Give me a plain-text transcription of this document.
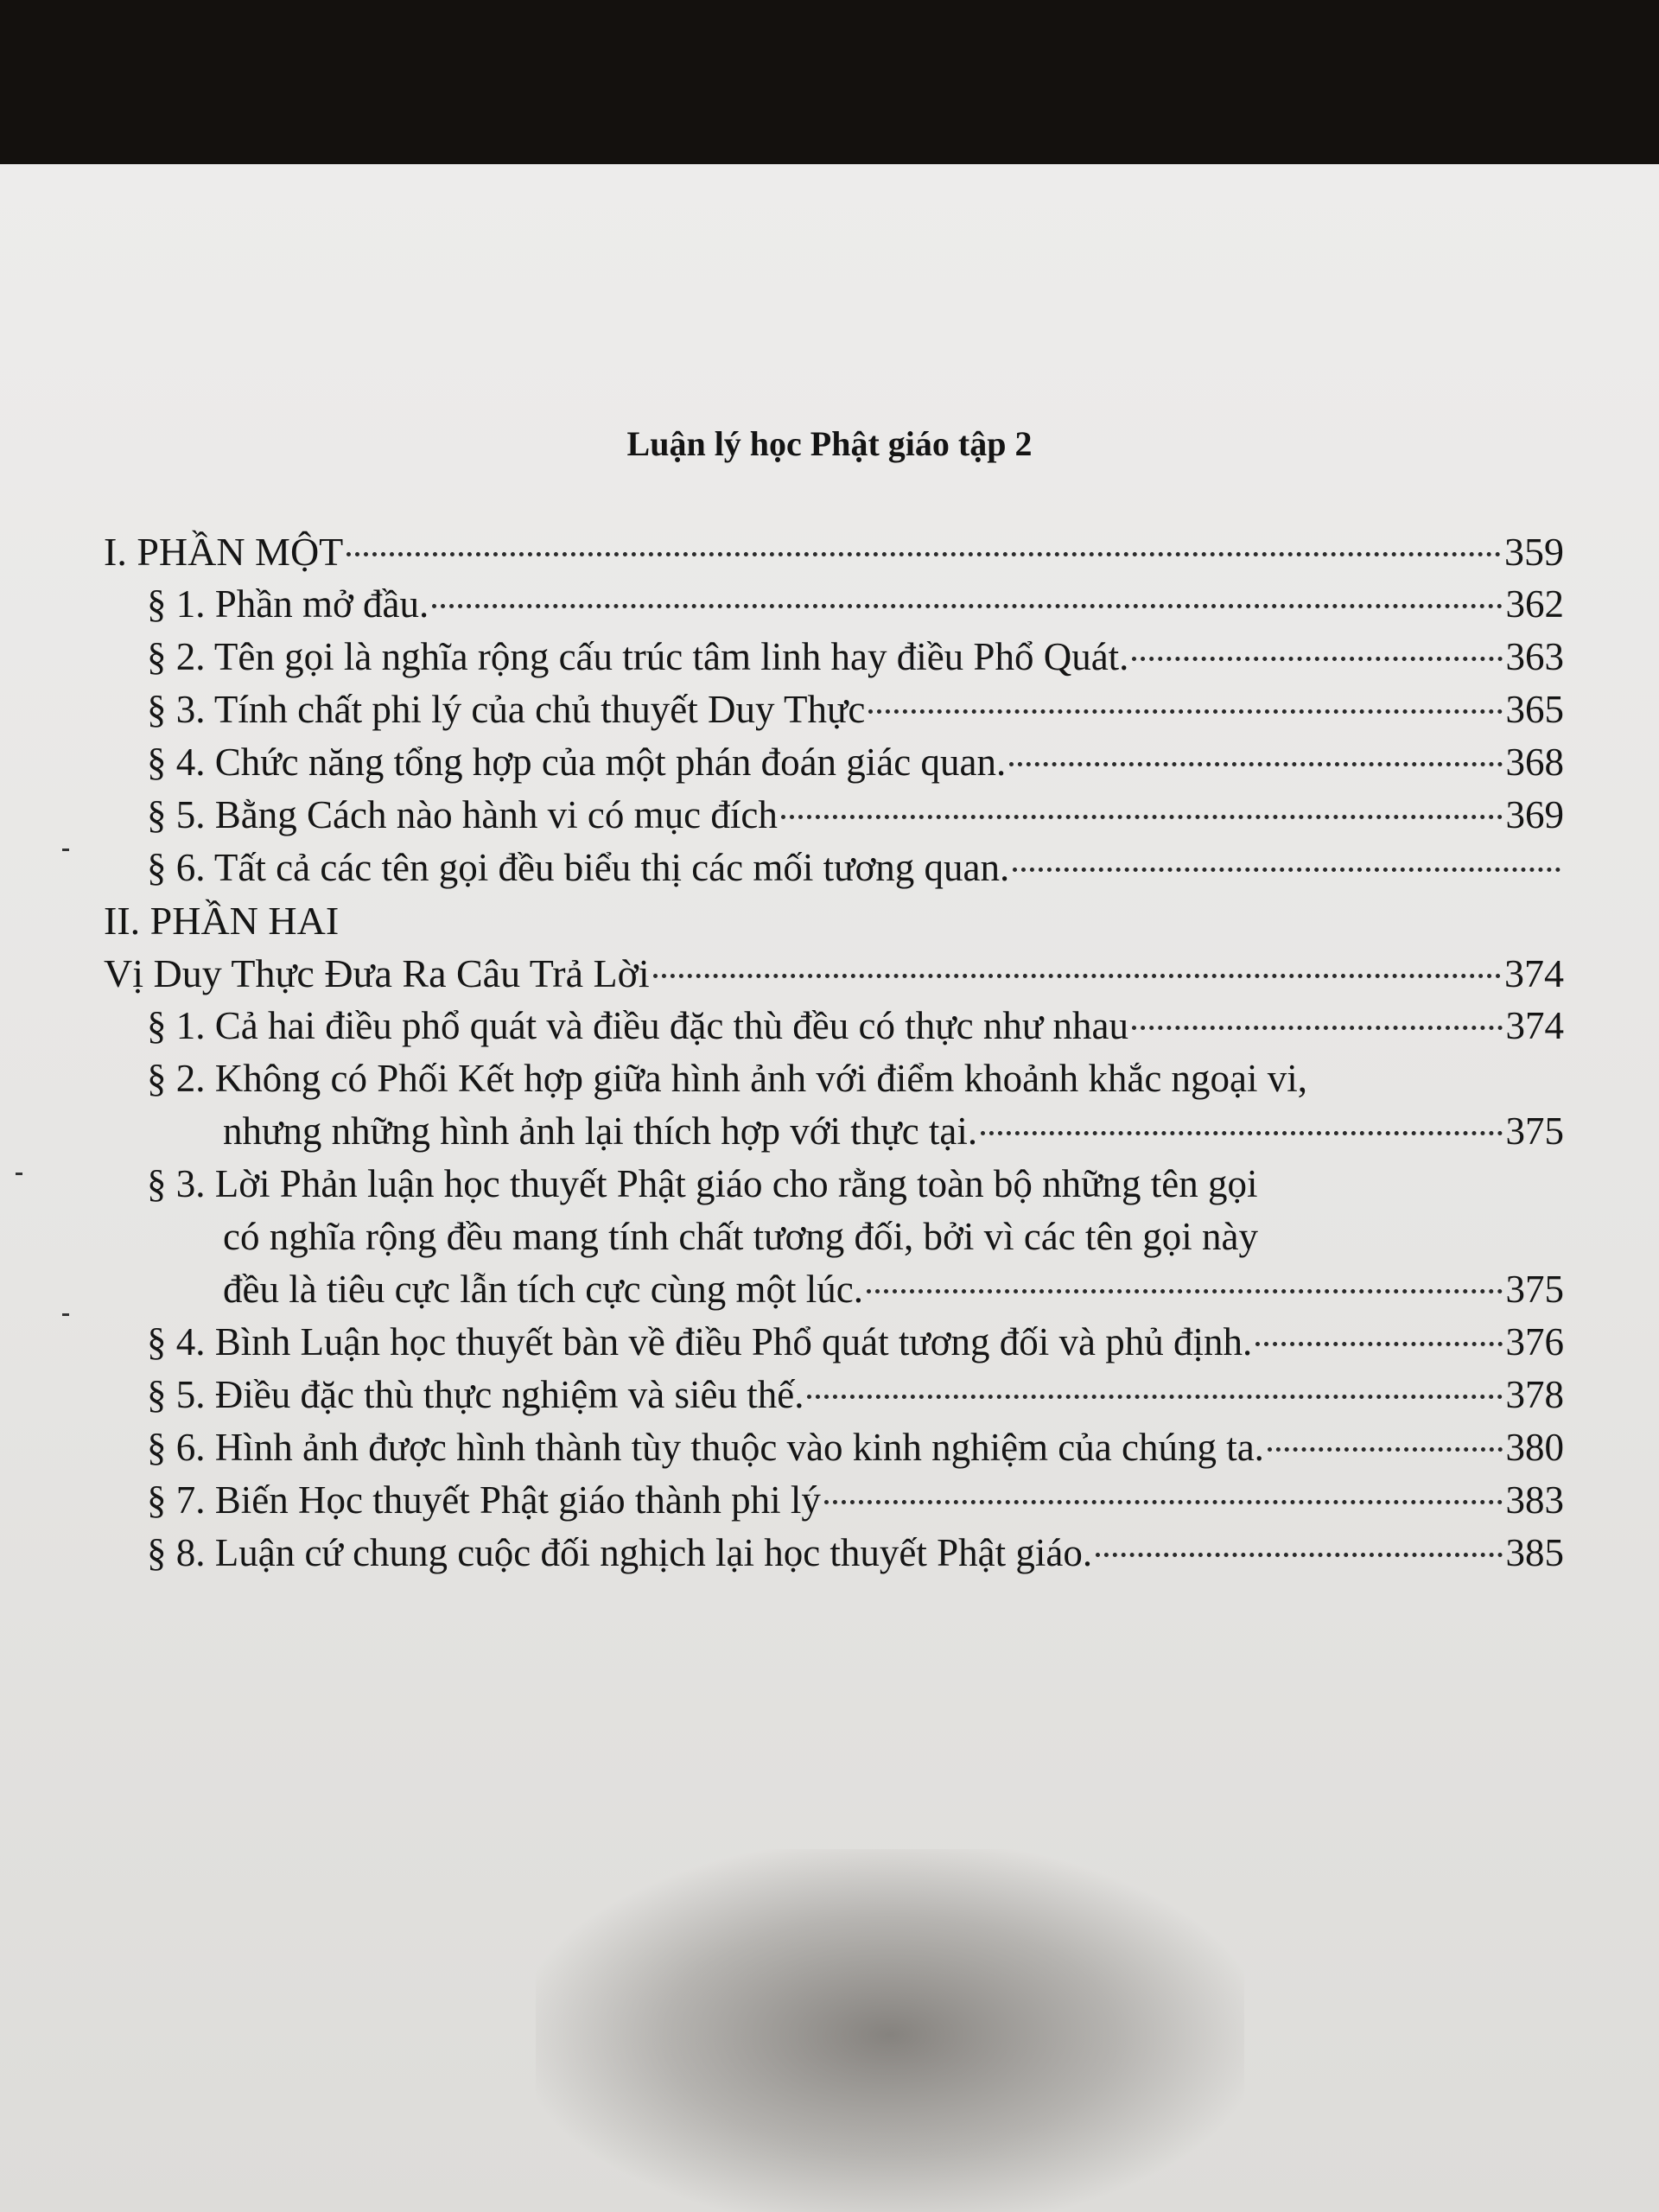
Luận lý học Phật giáo tập 2
I. PHẦN MỘT	359
§ 1. Phần mở đầu.	362
§ 2. Tên gọi là nghĩa rộng cấu trúc tâm linh hay điều Phổ Quát.	363
§ 3. Tính chất phi lý của chủ thuyết Duy Thực	365
§ 4. Chức năng tổng hợp của một phán đoán giác quan.	368
§ 5. Bằng Cách nào hành vi có mục đích	369
§ 6. Tất cả các tên gọi đều biểu thị các mối tương quan.
II. PHẦN HAI
Vị Duy Thực Đưa Ra Câu Trả Lời	374
§ 1. Cả hai điều phổ quát và điều đặc thù đều có thực như nhau	374
§ 2. Không có Phối Kết hợp giữa hình ảnh với điểm khoảnh khắc ngoại vi,
nhưng những hình ảnh lại thích hợp với thực tại.	375
§ 3. Lời Phản luận học thuyết Phật giáo cho rằng toàn bộ những tên gọi
có nghĩa rộng đều mang tính chất tương đối, bởi vì các tên gọi này
đều là tiêu cực lẫn tích cực cùng một lúc.	375
§ 4. Bình Luận học thuyết bàn về điều Phổ quát tương đối và phủ định.	376
§ 5. Điều đặc thù thực nghiệm và siêu thế.	378
§ 6. Hình ảnh được hình thành tùy thuộc vào kinh nghiệm của chúng ta.	380
§ 7. Biến Học thuyết Phật giáo thành phi lý	383
§ 8. Luận cứ chung cuộc đối nghịch lại học thuyết Phật giáo.	385
